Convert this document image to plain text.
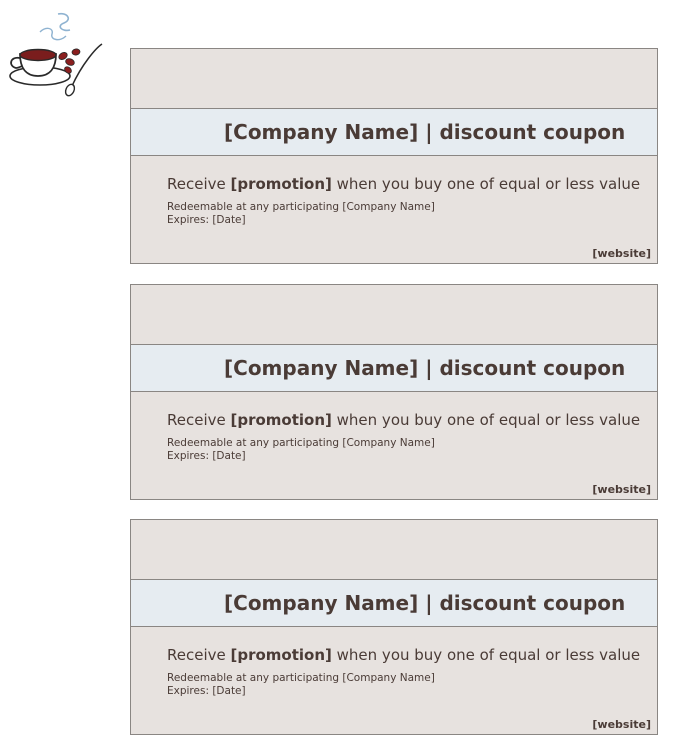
[Company Name] | discount coupon
Receive [promotion] when you buy one of equal or less value
Redeemable at any participating [Company Name]
Expires: [Date]
[website]
[Company Name] | discount coupon
Receive [promotion] when you buy one of equal or less value
Redeemable at any participating [Company Name]
Expires: [Date]
[website]
[Company Name] | discount coupon
Receive [promotion] when you buy one of equal or less value
Redeemable at any participating [Company Name]
Expires: [Date]
[website]
